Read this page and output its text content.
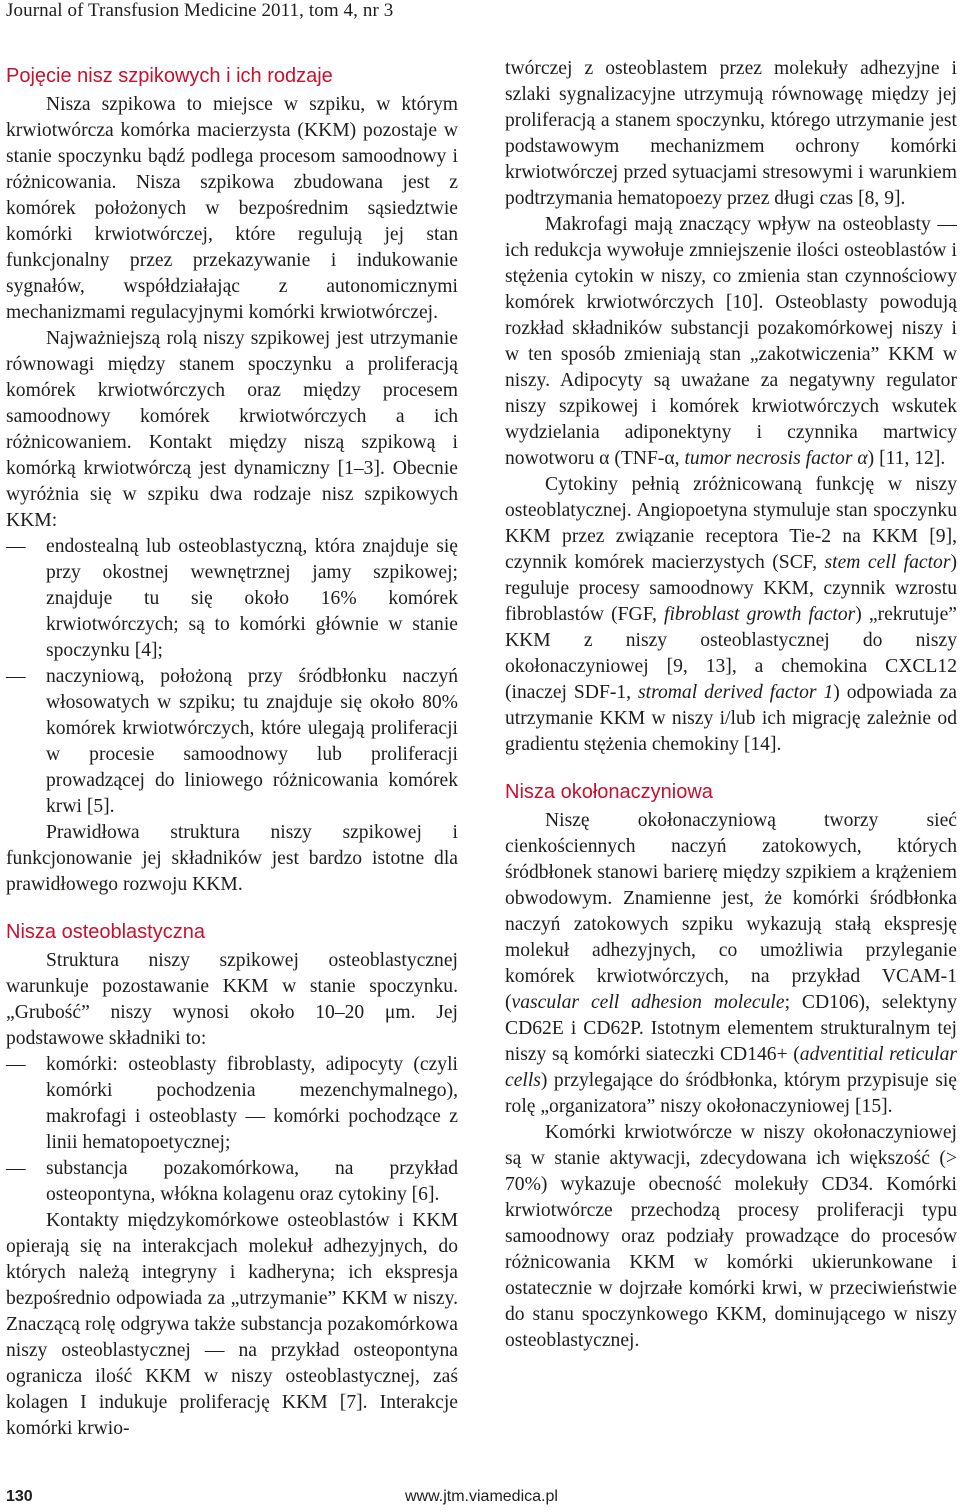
Journal of Transfusion Medicine 2011, tom 4, nr 3
Pojęcie nisz szpikowych i ich rodzaje

Nisza szpikowa to miejsce w szpiku, w którym krwiotwórcza komórka macierzysta (KKM) pozostaje w stanie spoczynku bądź podlega procesom samoodnowy i różnicowania. Nisza szpikowa zbudowana jest z komórek położonych w bezpośrednim sąsiedztwie komórki krwiotwórczej, które regulują jej stan funkcjonalny przez przekazywanie i indukowanie sygnałów, współdziałając z autonomicznymi mechanizmami regulacyjnymi komórki krwiotwórczej.

Najważniejszą rolą niszy szpikowej jest utrzymanie równowagi między stanem spoczynku a proliferacją komórek krwiotwórczych oraz między procesem samoodnowy komórek krwiotwórczych a ich różnicowaniem. Kontakt między niszą szpikową i komórką krwiotwórczą jest dynamiczny [1–3]. Obecnie wyróżnia się w szpiku dwa rodzaje nisz szpikowych KKM:

— endostealną lub osteoblastyczną, która znajduje się przy okostnej wewnętrznej jamy szpikowej; znajduje tu się około 16% komórek krwiotwórczych; są to komórki głównie w stanie spoczynku [4];
— naczyniową, położoną przy śródbłonku naczyń włosowatych w szpiku; tu znajduje się około 80% komórek krwiotwórczych, które ulegają proliferacji w procesie samoodnowy lub proliferacji prowadzącej do liniowego różnicowania komórek krwi [5].

Prawidłowa struktura niszy szpikowej i funkcjonowanie jej składników jest bardzo istotne dla prawidłowego rozwoju KKM.

Nisza osteoblastyczna

Struktura niszy szpikowej osteoblastycznej warunkuje pozostawanie KKM w stanie spoczynku. „Grubość” niszy wynosi około 10–20 μm. Jej podstawowe składniki to:

— komórki: osteoblasty fibroblasty, adipocyty (czyli komórki pochodzenia mezenchymalnego), makrofagi i osteoblasty — komórki pochodzące z linii hematopoetycznej;
— substancja pozakomórkowa, na przykład osteopontyna, włókna kolagenu oraz cytokiny [6].

Kontakty międzykomórkowe osteoblastów i KKM opierają się na interakcjach molekuł adhezyjnych, do których należą integryny i kadheryna; ich ekspresja bezpośrednio odpowiada za „utrzymanie” KKM w niszy. Znaczącą rolę odgrywa także substancja pozakomórkowa niszy osteoblastycznej — na przykład osteopontyna ogranicza ilość KKM w niszy osteoblastycznej, zaś kolagen I indukuje proliferację KKM [7]. Interakcje komórki krwio-

twórczej z osteoblastem przez molekuły adhezyjne i szlaki sygnalizacyjne utrzymują równowagę między jej proliferacją a stanem spoczynku, którego utrzymanie jest podstawowym mechanizmem ochrony komórki krwiotwórczej przed sytuacjami stresowymi i warunkiem podtrzymania hematopoezy przez długi czas [8, 9].

Makrofagi mają znaczący wpływ na osteoblasty — ich redukcja wywołuje zmniejszenie ilości osteoblastów i stężenia cytokin w niszy, co zmienia stan czynnościowy komórek krwiotwórczych [10]. Osteoblasty powodują rozkład składników substancji pozakomórkowej niszy i w ten sposób zmieniają stan „zakotwiczenia” KKM w niszy. Adipocyty są uważane za negatywny regulator niszy szpikowej i komórek krwiotwórczych wskutek wydzielania adiponektyny i czynnika martwicy nowotworu α (TNF-α, tumor necrosis factor α) [11, 12].

Cytokiny pełnią zróżnicowaną funkcję w niszy osteoblatycznej. Angiopoetyna stymuluje stan spoczynku KKM przez związanie receptora Tie-2 na KKM [9], czynnik komórek macierzystych (SCF, stem cell factor) reguluje procesy samoodnowy KKM, czynnik wzrostu fibroblastów (FGF, fibroblast growth factor) „rekrutuje” KKM z niszy osteoblastycznej do niszy okołonaczyniowej [9, 13], a chemokina CXCL12 (inaczej SDF-1, stromal derived factor 1) odpowiada za utrzymanie KKM w niszy i/lub ich migrację zależnie od gradientu stężenia chemokiny [14].

Nisza okołonaczyniowa

Niszę okołonaczyniową tworzy sieć cienkościennych naczyń zatokowych, których śródbłonek stanowi barierę między szpikiem a krążeniem obwodowym. Znamienne jest, że komórki śródbłonka naczyń zatokowych szpiku wykazują stałą ekspresję molekuł adhezyjnych, co umożliwia przyleganie komórek krwiotwórczych, na przykład VCAM-1 (vascular cell adhesion molecule; CD106), selektyny CD62E i CD62P. Istotnym elementem strukturalnym tej niszy są komórki siateczki CD146+ (adventitial reticular cells) przylegające do śródbłonka, którym przypisuje się rolę „organizatora” niszy okołonaczyniowej [15].

Komórki krwiotwórcze w niszy okołonaczyniowej są w stanie aktywacji, zdecydowana ich większość (> 70%) wykazuje obecność molekuły CD34. Komórki krwiotwórcze przechodzą procesy proliferacji typu samoodnowy oraz podziały prowadzące do procesów różnicowania KKM w komórki ukierunkowane i ostatecznie w dojrzałe komórki krwi, w przeciwieństwie do stanu spoczynkowego KKM, dominującego w niszy osteoblastycznej.

130	www.jtm.viamedica.pl
